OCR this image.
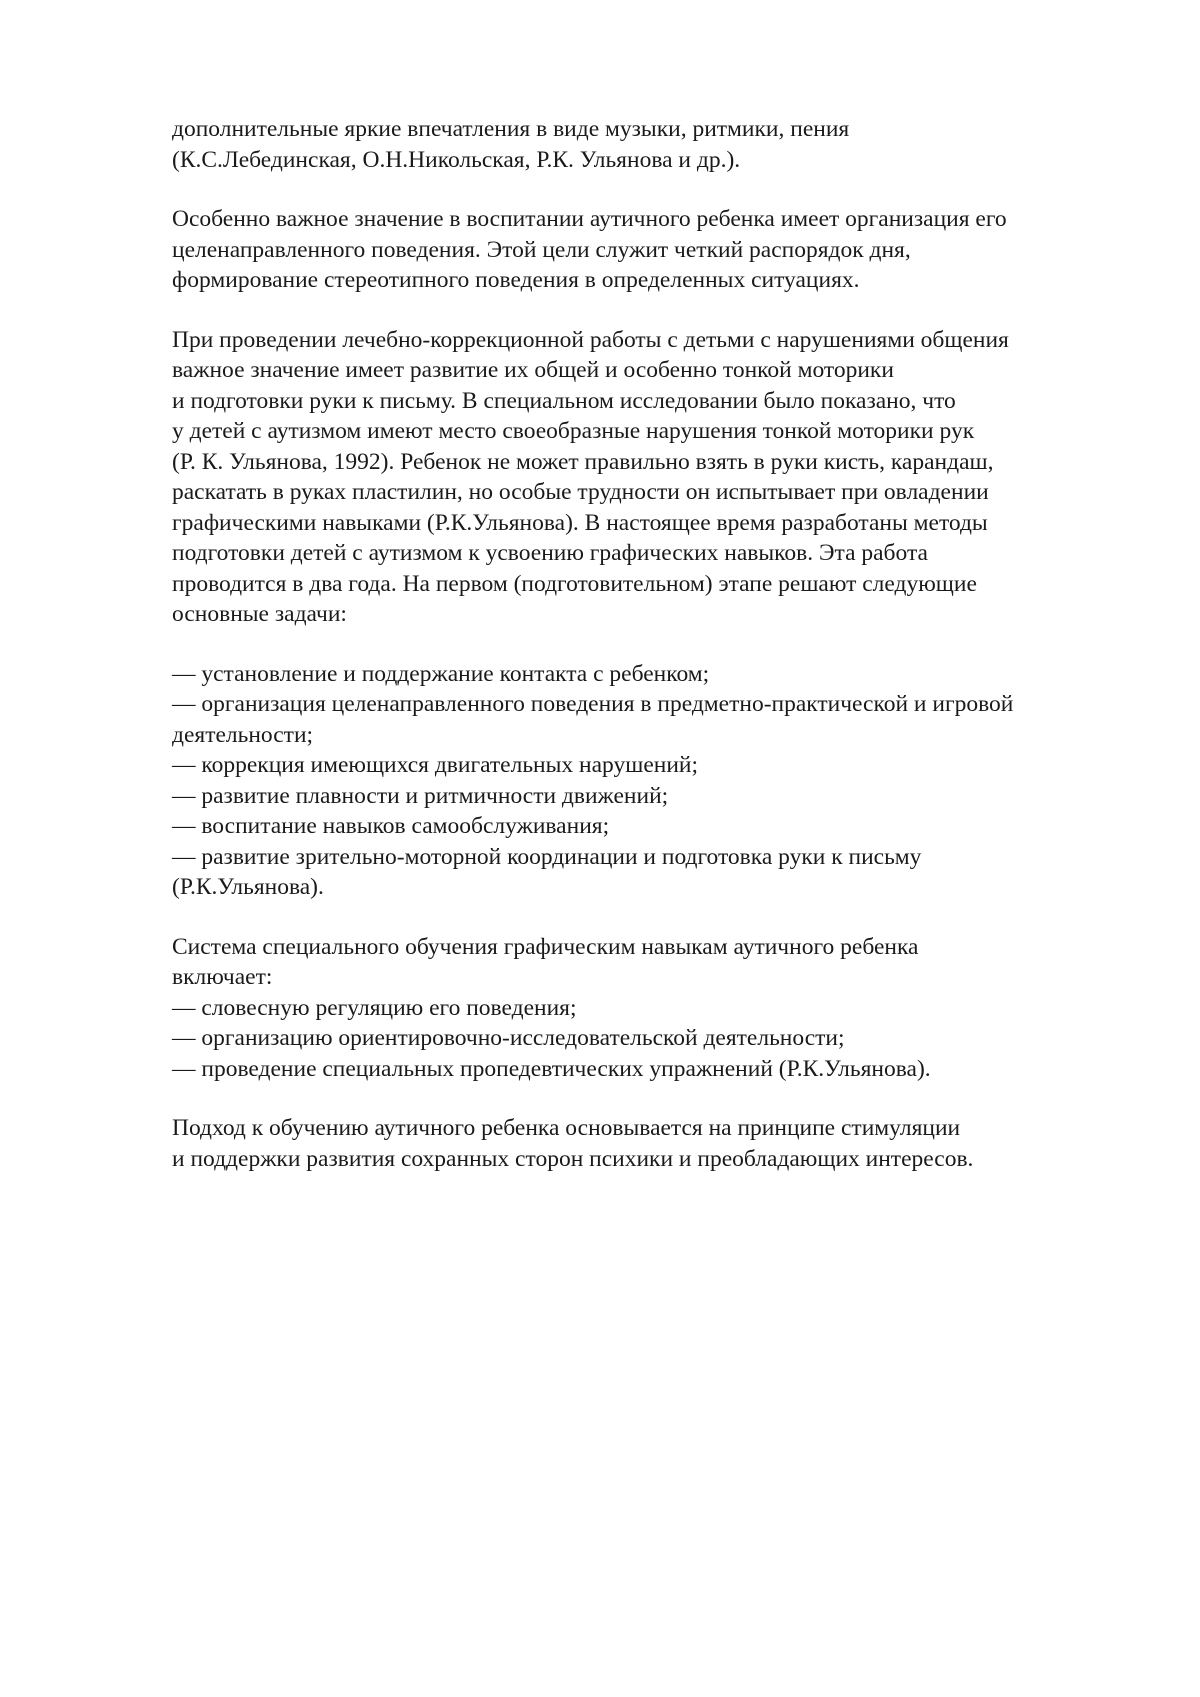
дополнительные яркие впечатления в виде музыки, ритмики, пения
(К.С.Лебединская, О.Н.Никольская, Р.К. Ульянова и др.).
Особенно важное значение в воспитании аутичного ребенка имеет организация его
целенаправленного поведения. Этой цели служит четкий распорядок дня,
формирование стереотипного поведения в определенных ситуациях.
При проведении лечебно-коррекционной работы с детьми с нарушениями общения
важное значение имеет развитие их общей и особенно тонкой моторики
и подготовки руки к письму. В специальном исследовании было показано, что
у детей с аутизмом имеют место своеобразные нарушения тонкой моторики рук
(Р. К. Ульянова, 1992). Ребенок не может правильно взять в руки кисть, карандаш,
раскатать в руках пластилин, но особые трудности он испытывает при овладении
графическими навыками (Р.К.Ульянова). В настоящее время разработаны методы
подготовки детей с аутизмом к усвоению графических навыков. Эта работа
проводится в два года. На первом (подготовительном) этапе решают следующие
основные задачи:
— установление и поддержание контакта с ребенком;
— организация целенаправленного поведения в предметно-практической и игровой
деятельности;
— коррекция имеющихся двигательных нарушений;
— развитие плавности и ритмичности движений;
— воспитание навыков самообслуживания;
— развитие зрительно-моторной координации и подготовка руки к письму
(Р.К.Ульянова).
Система специального обучения графическим навыкам аутичного ребенка
включает:
— словесную регуляцию его поведения;
— организацию ориентировочно-исследовательской деятельности;
— проведение специальных пропедевтических упражнений (Р.К.Ульянова).
Подход к обучению аутичного ребенка основывается на принципе стимуляции
и поддержки развития сохранных сторон психики и преобладающих интересов.
